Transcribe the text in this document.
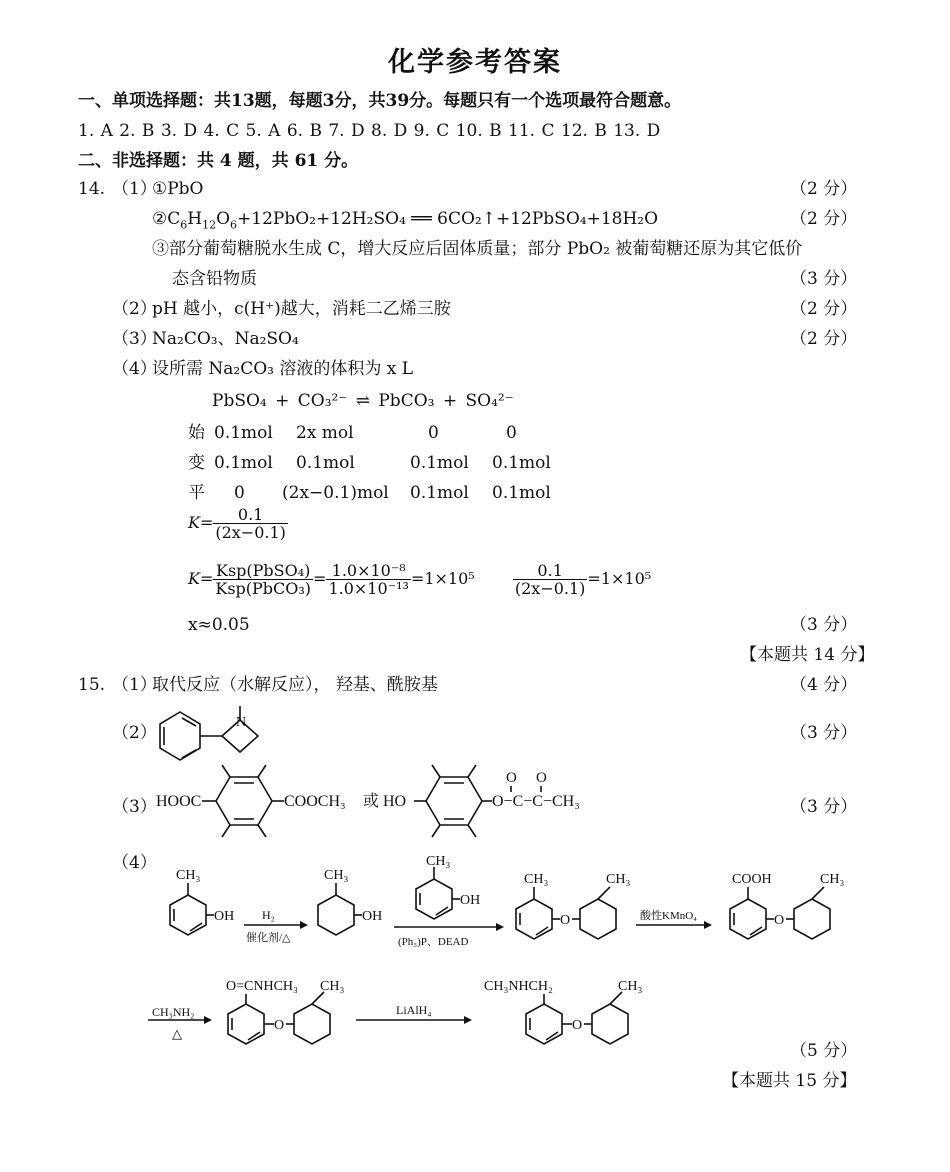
化学参考答案
一、单项选择题：共13题，每题3分，共39分。每题只有一个选项最符合题意。
1. A 2. B 3. D 4. C 5. A 6. B 7. D 8. D 9. C 10. B 11. C 12. B 13. D
二、非选择题：共 4 题，共 61 分。
14. （1）
①PbO	（2 分）
$②C_6H_{12}O_6+12PbO_2+12H_2SO_4$ ══ 6CO₂↑+12PbSO₄+18H₂O	（2 分）
③部分葡萄糖脱水生成 C，增大反应后固体质量；部分 PbO₂ 被葡萄糖还原为其它低价
态含铅物质	（3 分）
（2）
pH 越小，c(H⁺)越大，消耗二乙烯三胺	（2 分）
（3）
Na₂CO₃、Na₂SO₄	（2 分）
（4）
设所需 Na₂CO₃ 溶液的体积为 x L
PbSO₄ + CO₃²⁻ ⇌ PbCO₃ + SO₄²⁻
始 0.1mol 2x mol	0	0
变 0.1mol 0.1mol	0.1mol 0.1mol
平 0 (2x−0.1)mol 0.1mol 0.1mol
$K= \frac{0.1}{(2x-0.1)}$
$K= \frac{\text{Ksp(PbSO₄)}}{\text{Ksp(PbCO₃)}} = \frac{\text{1.0×10⁻⁸}}{\text{1.0×10⁻¹³}} =1\times 10^5 \frac{0.1}{(2x-0.1)} =1\times 10^5$
x≈0.05	（3 分）
【本题共 14 分】
15. （1）
取代反应（水解反应）， 羟基、酰胺基	（4 分）
（2）
N
（3 分）
（3） HOOC	COOCH₃ 或 HO	O−C−C−CH₃
O O
（3 分）
（4）
CH₃
OH H₂
催化剂/△
CH₃
OH
CH₃
OH
(Ph₃)P、DEAD
CH₃
O
CH₃
酸性KMnO₄
COOH
O
CH₃
CH₃NH₂
△
O=CNHCH₃
O
CH₃
LiAlH₄
CH₃NHCH₂
O
CH₃
（5 分）
【本题共 15 分】
